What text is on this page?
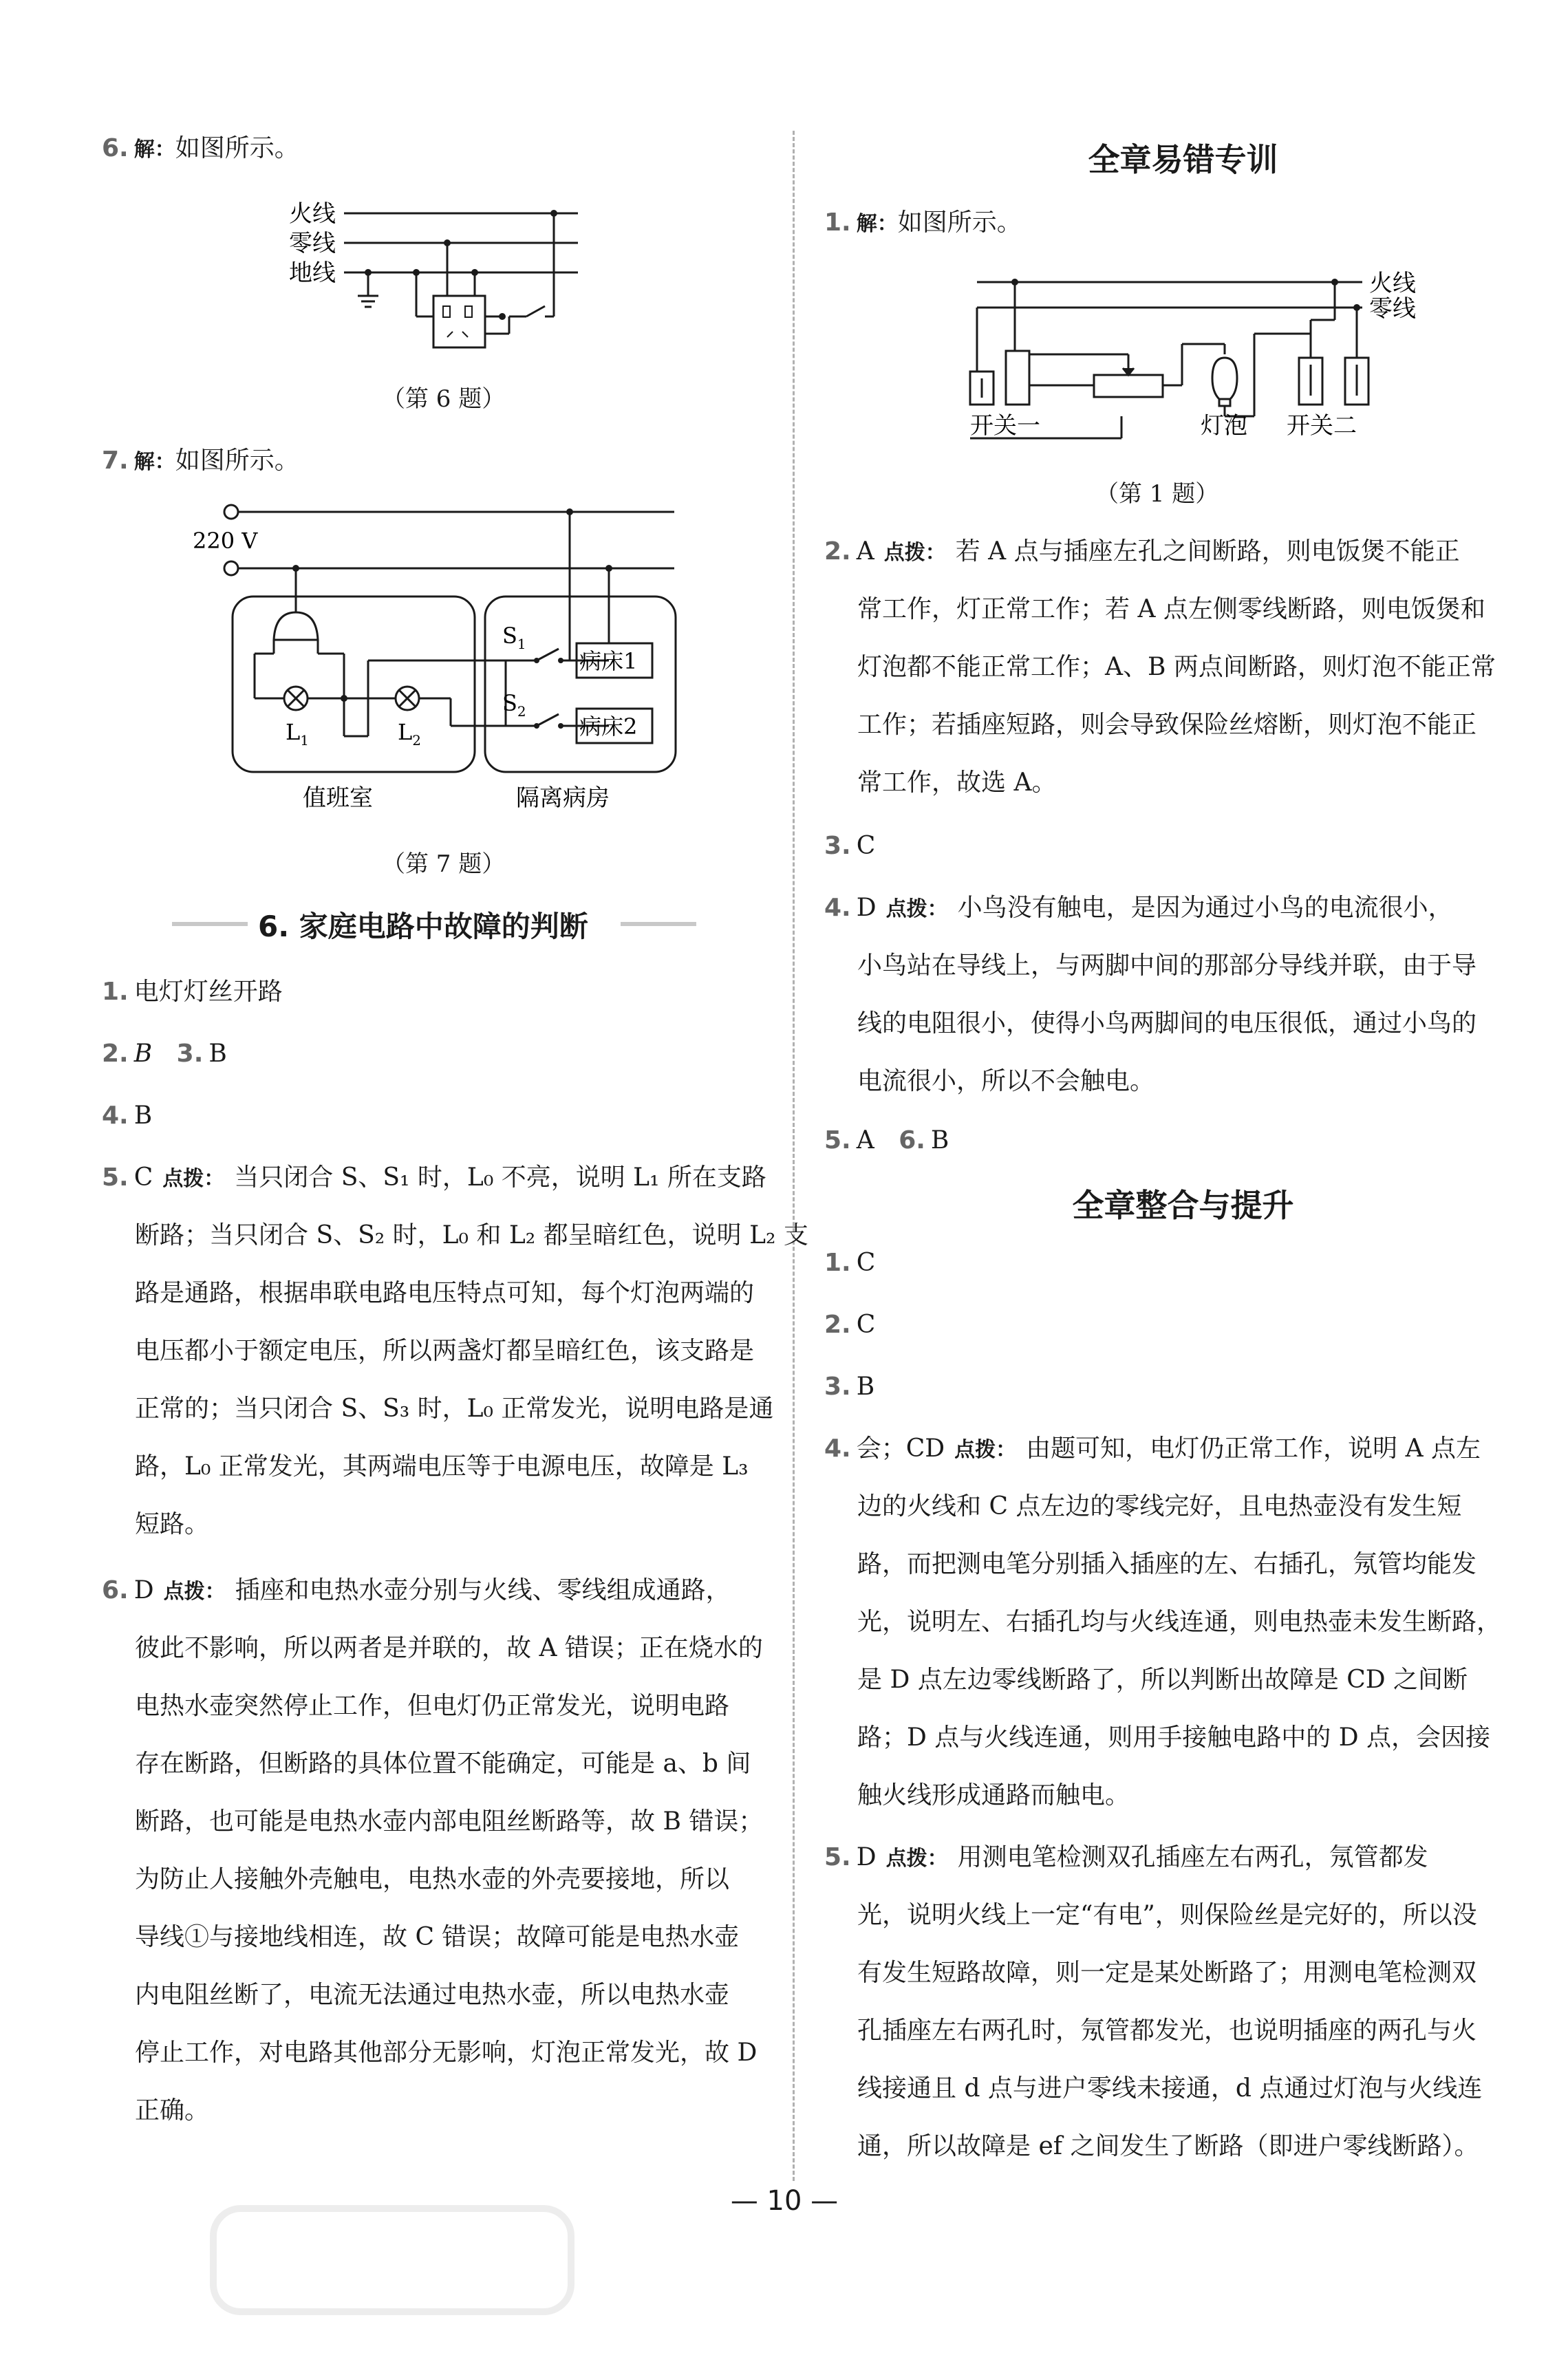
6. 解：如图所示。
火线
零线
地线
（第 6 题）
7. 解：如图所示。
220 V
$S_1$
$S_2$
$L_1$	$L_2$
病床1
病床2
值班室	隔离病房
（第 7 题）
6. 家庭电路中故障的判断
1. 电灯灯丝开路
2. B 3. B
4. B
5. C 点拨： 当只闭合 S、S₁ 时，L₀ 不亮，说明 L₁ 所在支路
断路；当只闭合 S、S₂ 时，L₀ 和 L₂ 都呈暗红色，说明 L₂ 支
路是通路，根据串联电路电压特点可知，每个灯泡两端的
电压都小于额定电压，所以两盏灯都呈暗红色，该支路是
正常的；当只闭合 S、S₃ 时，L₀ 正常发光，说明电路是通
路，L₀ 正常发光，其两端电压等于电源电压，故障是 L₃
短路。
6. D 点拨： 插座和电热水壶分别与火线、零线组成通路，
彼此不影响，所以两者是并联的，故 A 错误；正在烧水的
电热水壶突然停止工作，但电灯仍正常发光，说明电路
存在断路，但断路的具体位置不能确定，可能是 a、b 间
断路，也可能是电热水壶内部电阻丝断路等，故 B 错误；
为防止人接触外壳触电，电热水壶的外壳要接地，所以
导线①与接地线相连，故 C 错误；故障可能是电热水壶
内电阻丝断了，电流无法通过电热水壶，所以电热水壶
停止工作，对电路其他部分无影响，灯泡正常发光，故 D
正确。
全章易错专训
1. 解：如图所示。
火线
零线
开关一	灯泡 开关二
（第 1 题）
2. A 点拨： 若 A 点与插座左孔之间断路，则电饭煲不能正
常工作，灯正常工作；若 A 点左侧零线断路，则电饭煲和
灯泡都不能正常工作；A、B 两点间断路，则灯泡不能正常
工作；若插座短路，则会导致保险丝熔断，则灯泡不能正
常工作，故选 A。
3. C
4. D 点拨： 小鸟没有触电，是因为通过小鸟的电流很小，
小鸟站在导线上，与两脚中间的那部分导线并联，由于导
线的电阻很小，使得小鸟两脚间的电压很低，通过小鸟的
电流很小，所以不会触电。
5. A 6. B
全章整合与提升
1. C
2. C
3. B
4. 会；CD 点拨： 由题可知，电灯仍正常工作，说明 A 点左
边的火线和 C 点左边的零线完好，且电热壶没有发生短
路，而把测电笔分别插入插座的左、右插孔，氖管均能发
光，说明左、右插孔均与火线连通，则电热壶未发生断路，
是 D 点左边零线断路了，所以判断出故障是 CD 之间断
路；D 点与火线连通，则用手接触电路中的 D 点，会因接
触火线形成通路而触电。
5. D 点拨： 用测电笔检测双孔插座左右两孔，氖管都发
光，说明火线上一定“有电”，则保险丝是完好的，所以没
有发生短路故障，则一定是某处断路了；用测电笔检测双
孔插座左右两孔时，氖管都发光，也说明插座的两孔与火
线接通且 d 点与进户零线未接通，d 点通过灯泡与火线连
通，所以故障是 ef 之间发生了断路（即进户零线断路）。
— 10 —
